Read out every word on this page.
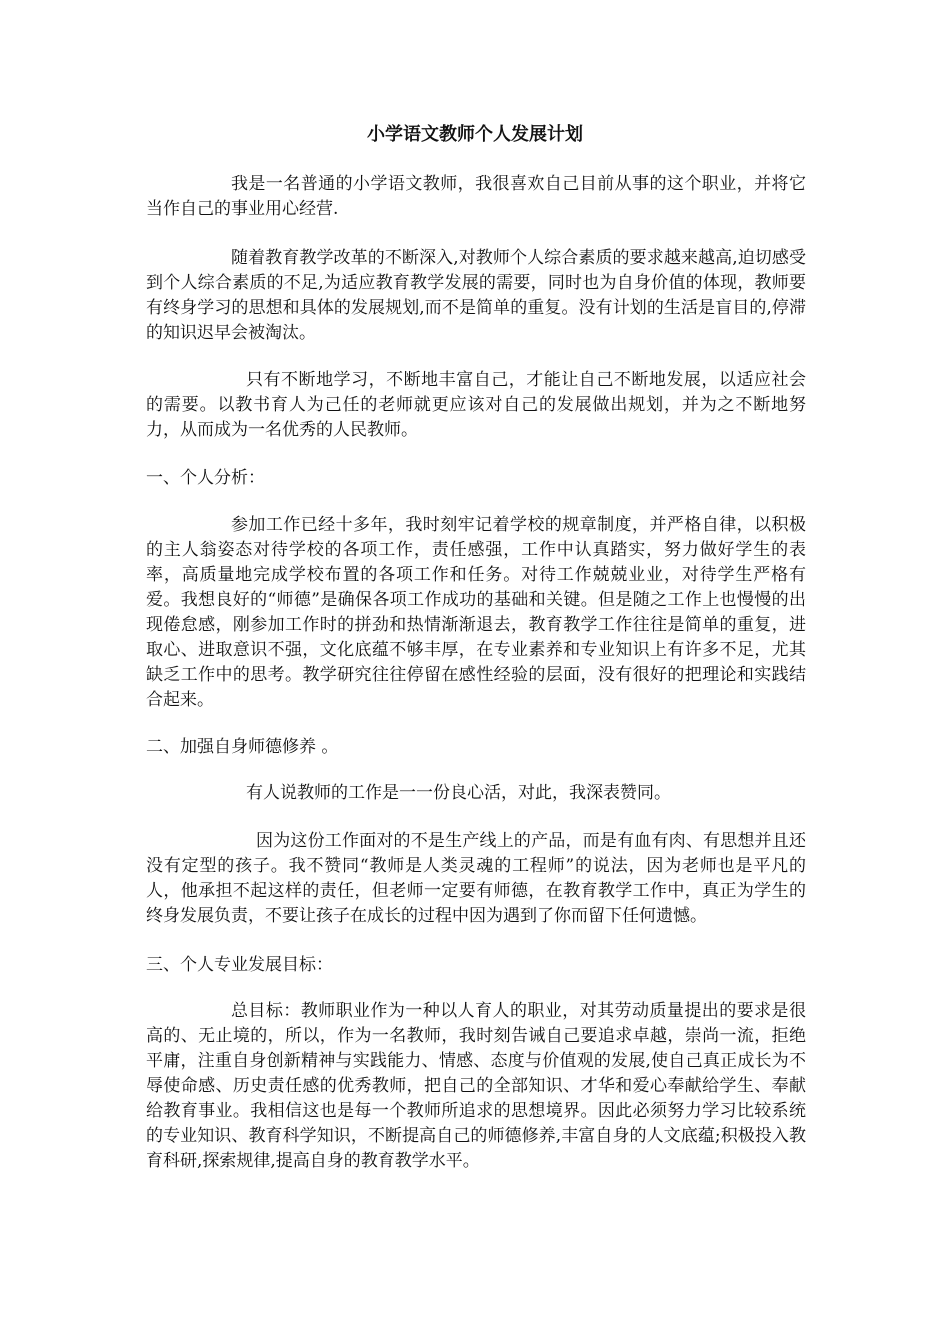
小学语文教师个人发展计划

我是一名普通的小学语文教师，我很喜欢自己目前从事的这个职业，并将它当作自己的事业用心经营.

随着教育教学改革的不断深入,对教师个人综合素质的要求越来越高,迫切感受到个人综合素质的不足,为适应教育教学发展的需要，同时也为自身价值的体现，教师要有终身学习的思想和具体的发展规划,而不是简单的重复。没有计划的生活是盲目的,停滞的知识迟早会被淘汰。

只有不断地学习，不断地丰富自己，才能让自己不断地发展，以适应社会的需要。以教书育人为己任的老师就更应该对自己的发展做出规划，并为之不断地努力，从而成为一名优秀的人民教师。

一、个人分析：

参加工作已经十多年，我时刻牢记着学校的规章制度，并严格自律，以积极的主人翁姿态对待学校的各项工作，责任感强，工作中认真踏实，努力做好学生的表率，高质量地完成学校布置的各项工作和任务。对待工作兢兢业业，对待学生严格有爱。我想良好的“师德”是确保各项工作成功的基础和关键。但是随之工作上也慢慢的出现倦怠感，刚参加工作时的拼劲和热情渐渐退去，教育教学工作往往是简单的重复，进取心、进取意识不强，文化底蕴不够丰厚，在专业素养和专业知识上有许多不足，尤其缺乏工作中的思考。教学研究往往停留在感性经验的层面，没有很好的把理论和实践结合起来。

二、加强自身师德修养 。

有人说教师的工作是一一份良心活，对此，我深表赞同。

因为这份工作面对的不是生产线上的产品，而是有血有肉、有思想并且还没有定型的孩子。我不赞同“教师是人类灵魂的工程师”的说法，因为老师也是平凡的人，他承担不起这样的责任，但老师一定要有师德，在教育教学工作中，真正为学生的终身发展负责，不要让孩子在成长的过程中因为遇到了你而留下任何遗憾。

三、个人专业发展目标：

总目标：教师职业作为一种以人育人的职业，对其劳动质量提出的要求是很高的、无止境的，所以，作为一名教师，我时刻告诫自己要追求卓越，崇尚一流，拒绝平庸，注重自身创新精神与实践能力、情感、态度与价值观的发展,使自己真正成长为不辱使命感、历史责任感的优秀教师，把自己的全部知识、才华和爱心奉献给学生、奉献给教育事业。我相信这也是每一个教师所追求的思想境界。因此必须努力学习比较系统的专业知识、教育科学知识，不断提高自己的师德修养,丰富自身的人文底蕴;积极投入教育科研,探索规律,提高自身的教育教学水平。
